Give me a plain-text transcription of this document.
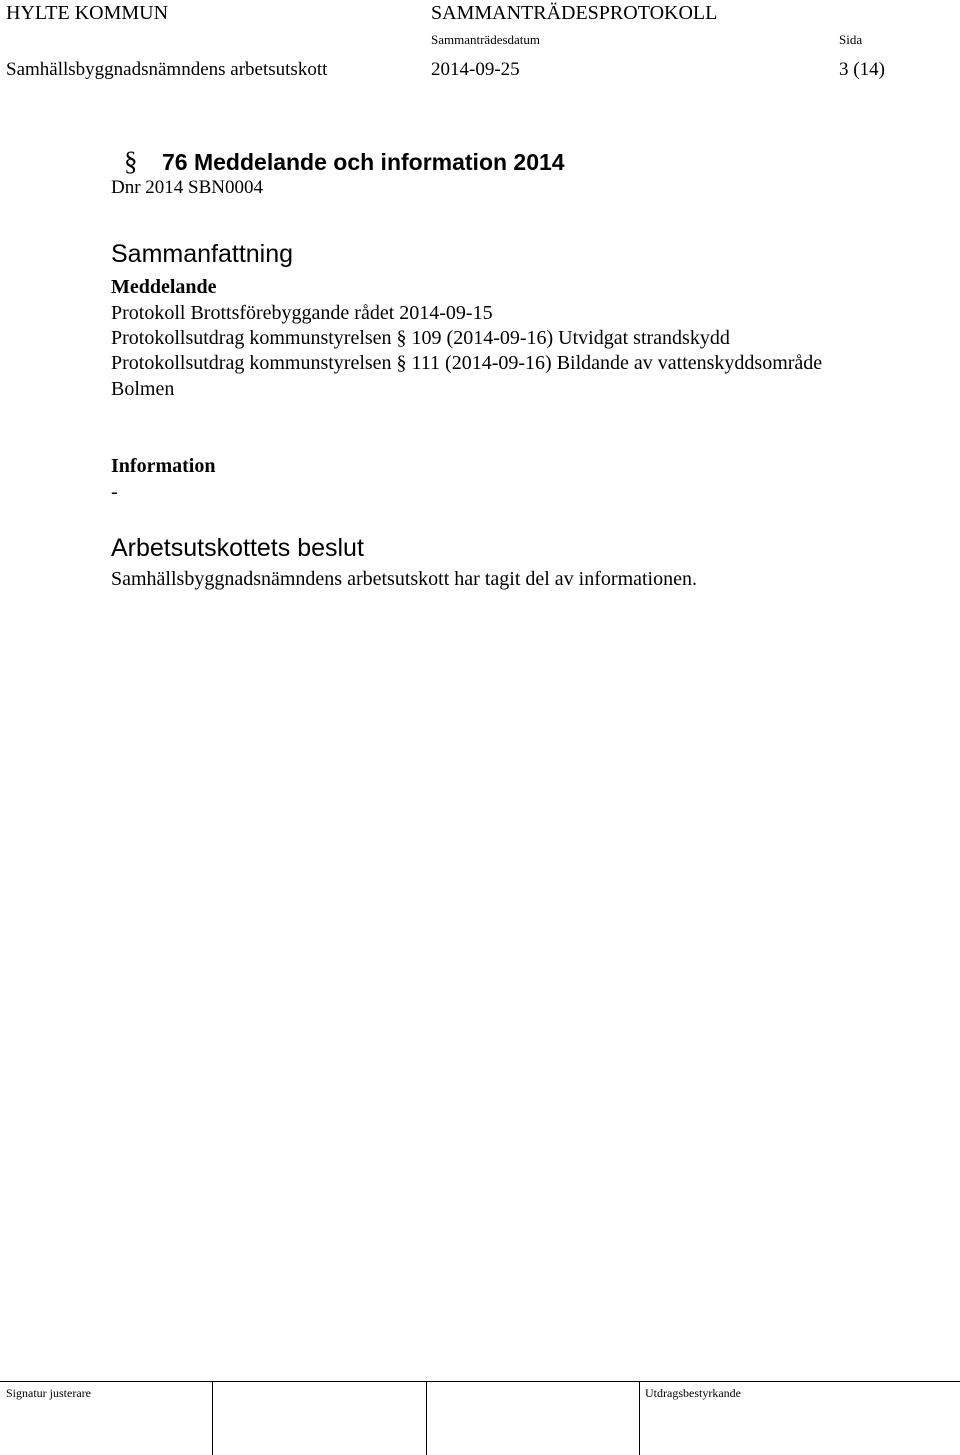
HYLTE KOMMUN	SAMMANTRÄDESPROTOKOLL
Sammanträdesdatum	Sida
Samhällsbyggnadsnämndens arbetsutskott	2014-09-25	3 (14)
§ 76 Meddelande och information 2014
Dnr 2014 SBN0004
Sammanfattning
Meddelande
Protokoll Brottsförebyggande rådet 2014-09-15
Protokollsutdrag kommunstyrelsen § 109 (2014-09-16) Utvidgat strandskydd
Protokollsutdrag kommunstyrelsen § 111 (2014-09-16) Bildande av vattenskyddsområde
Bolmen
Information
-
Arbetsutskottets beslut
Samhällsbyggnadsnämndens arbetsutskott har tagit del av informationen.
Signatur justerare	Utdragsbestyrkande
